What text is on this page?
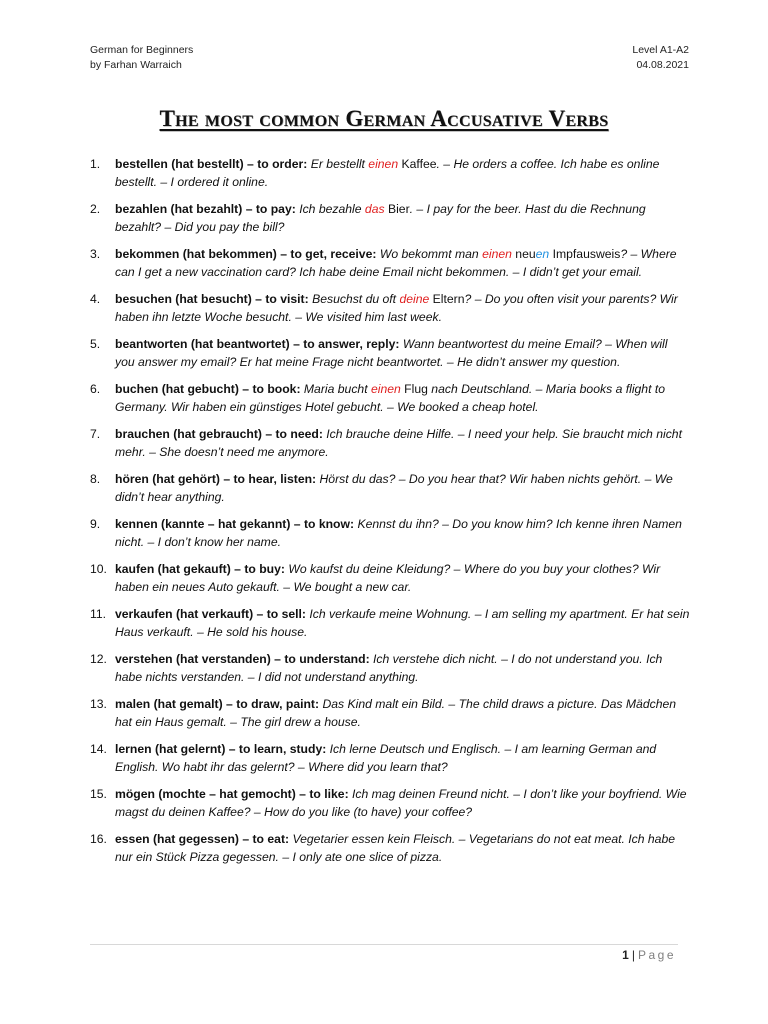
German for Beginners
by Farhan Warraich
Level A1-A2
04.08.2021
The most common German Accusative Verbs
1. bestellen (hat bestellt) – to order: Er bestellt einen Kaffee. – He orders a coffee. Ich habe es online bestellt. – I ordered it online.
2. bezahlen (hat bezahlt) – to pay: Ich bezahle das Bier. – I pay for the beer. Hast du die Rechnung bezahlt? – Did you pay the bill?
3. bekommen (hat bekommen) – to get, receive: Wo bekommt man einen neuen Impfausweis? – Where can I get a new vaccination card? Ich habe deine Email nicht bekommen. – I didn’t get your email.
4. besuchen (hat besucht) – to visit: Besuchst du oft deine Eltern? – Do you often visit your parents? Wir haben ihn letzte Woche besucht. – We visited him last week.
5. beantworten (hat beantwortet) – to answer, reply: Wann beantwortest du meine Email? – When will you answer my email? Er hat meine Frage nicht beantwortet. – He didn’t answer my question.
6. buchen (hat gebucht) – to book: Maria bucht einen Flug nach Deutschland. – Maria books a flight to Germany. Wir haben ein günstiges Hotel gebucht. – We booked a cheap hotel.
7. brauchen (hat gebraucht) – to need: Ich brauche deine Hilfe. – I need your help. Sie braucht mich nicht mehr. – She doesn’t need me anymore.
8. hören (hat gehört) – to hear, listen: Hörst du das? – Do you hear that? Wir haben nichts gehört. – We didn’t hear anything.
9. kennen (kannte – hat gekannt) – to know: Kennst du ihn? – Do you know him? Ich kenne ihren Namen nicht. – I don’t know her name.
10. kaufen (hat gekauft) – to buy: Wo kaufst du deine Kleidung? – Where do you buy your clothes? Wir haben ein neues Auto gekauft. – We bought a new car.
11. verkaufen (hat verkauft) – to sell: Ich verkaufe meine Wohnung. – I am selling my apartment. Er hat sein Haus verkauft. – He sold his house.
12. verstehen (hat verstanden) – to understand: Ich verstehe dich nicht. – I do not understand you. Ich habe nichts verstanden. – I did not understand anything.
13. malen (hat gemalt) – to draw, paint: Das Kind malt ein Bild. – The child draws a picture. Das Mädchen hat ein Haus gemalt. – The girl drew a house.
14. lernen (hat gelernt) – to learn, study: Ich lerne Deutsch und Englisch. – I am learning German and English. Wo habt ihr das gelernt? – Where did you learn that?
15. mögen (mochte – hat gemocht) – to like: Ich mag deinen Freund nicht. – I don’t like your boyfriend. Wie magst du deinen Kaffee? – How do you like (to have) your coffee?
16. essen (hat gegessen) – to eat: Vegetarier essen kein Fleisch. – Vegetarians do not eat meat. Ich habe nur ein Stück Pizza gegessen. – I only ate one slice of pizza.
1 | Page
